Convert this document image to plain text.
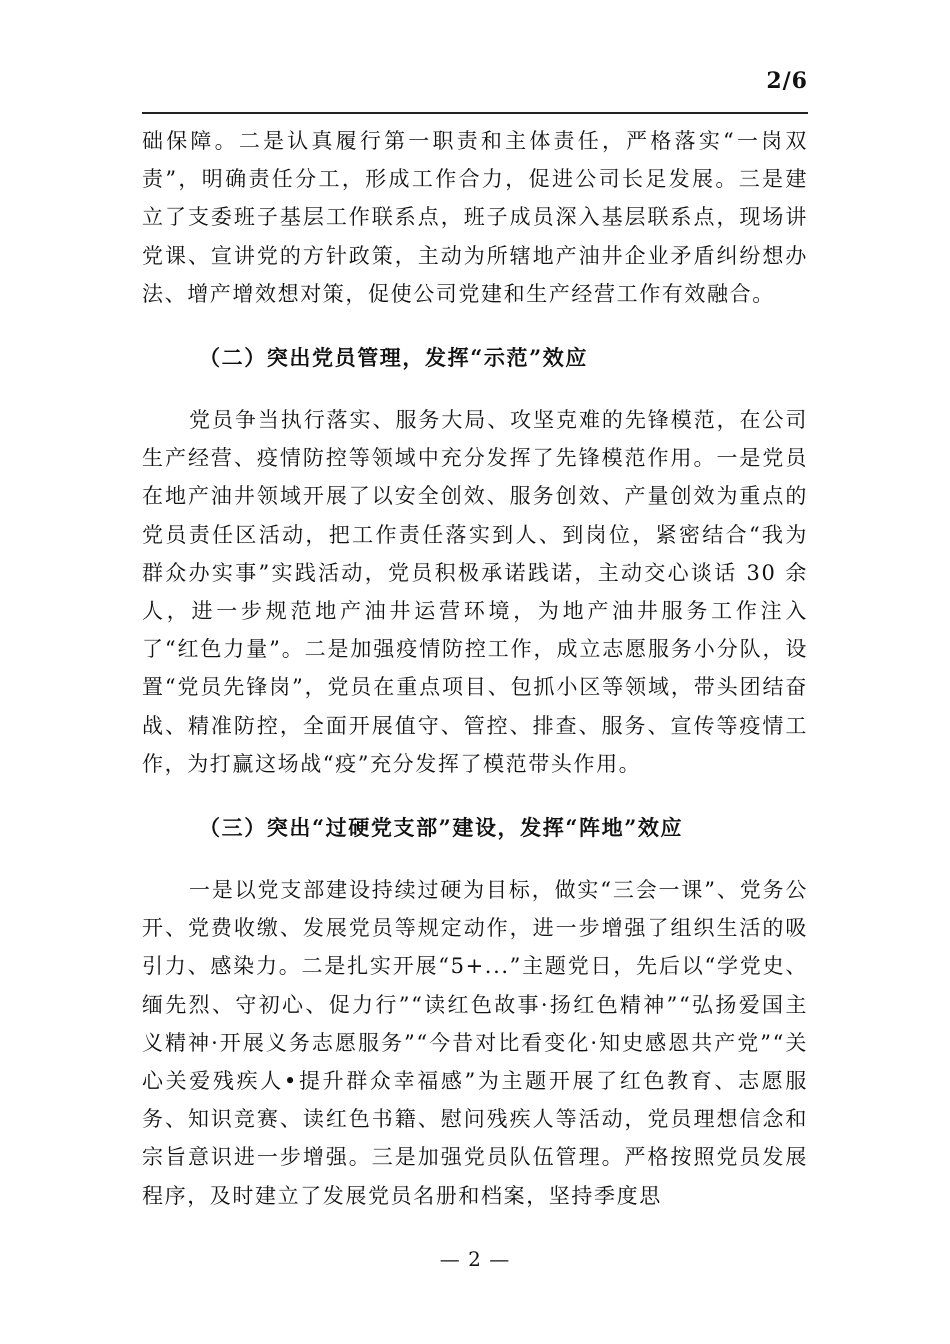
2/6

础保障。二是认真履行第一职责和主体责任，严格落实“一岗双责”，明确责任分工，形成工作合力，促进公司长足发展。三是建立了支委班子基层工作联系点，班子成员深入基层联系点，现场讲党课、宣讲党的方针政策，主动为所辖地产油井企业矛盾纠纷想办法、增产增效想对策，促使公司党建和生产经营工作有效融合。

（二）突出党员管理，发挥“示范”效应

党员争当执行落实、服务大局、攻坚克难的先锋模范，在公司生产经营、疫情防控等领域中充分发挥了先锋模范作用。一是党员在地产油井领域开展了以安全创效、服务创效、产量创效为重点的党员责任区活动，把工作责任落实到人、到岗位，紧密结合“我为群众办实事”实践活动，党员积极承诺践诺，主动交心谈话 30 余人，进一步规范地产油井运营环境，为地产油井服务工作注入了“红色力量”。二是加强疫情防控工作，成立志愿服务小分队，设置“党员先锋岗”，党员在重点项目、包抓小区等领域，带头团结奋战、精准防控，全面开展值守、管控、排查、服务、宣传等疫情工作，为打赢这场战“疫”充分发挥了模范带头作用。

（三）突出“过硬党支部”建设，发挥“阵地”效应

一是以党支部建设持续过硬为目标，做实“三会一课”、党务公开、党费收缴、发展党员等规定动作，进一步增强了组织生活的吸引力、感染力。二是扎实开展“5+...”主题党日，先后以“学党史、缅先烈、守初心、促力行”“读红色故事·扬红色精神”“弘扬爱国主义精神·开展义务志愿服务”“今昔对比看变化·知史感恩共产党”“关心关爱残疾人•提升群众幸福感”为主题开展了红色教育、志愿服务、知识竞赛、读红色书籍、慰问残疾人等活动，党员理想信念和宗旨意识进一步增强。三是加强党员队伍管理。严格按照党员发展程序，及时建立了发展党员名册和档案，坚持季度思

— 2 —
